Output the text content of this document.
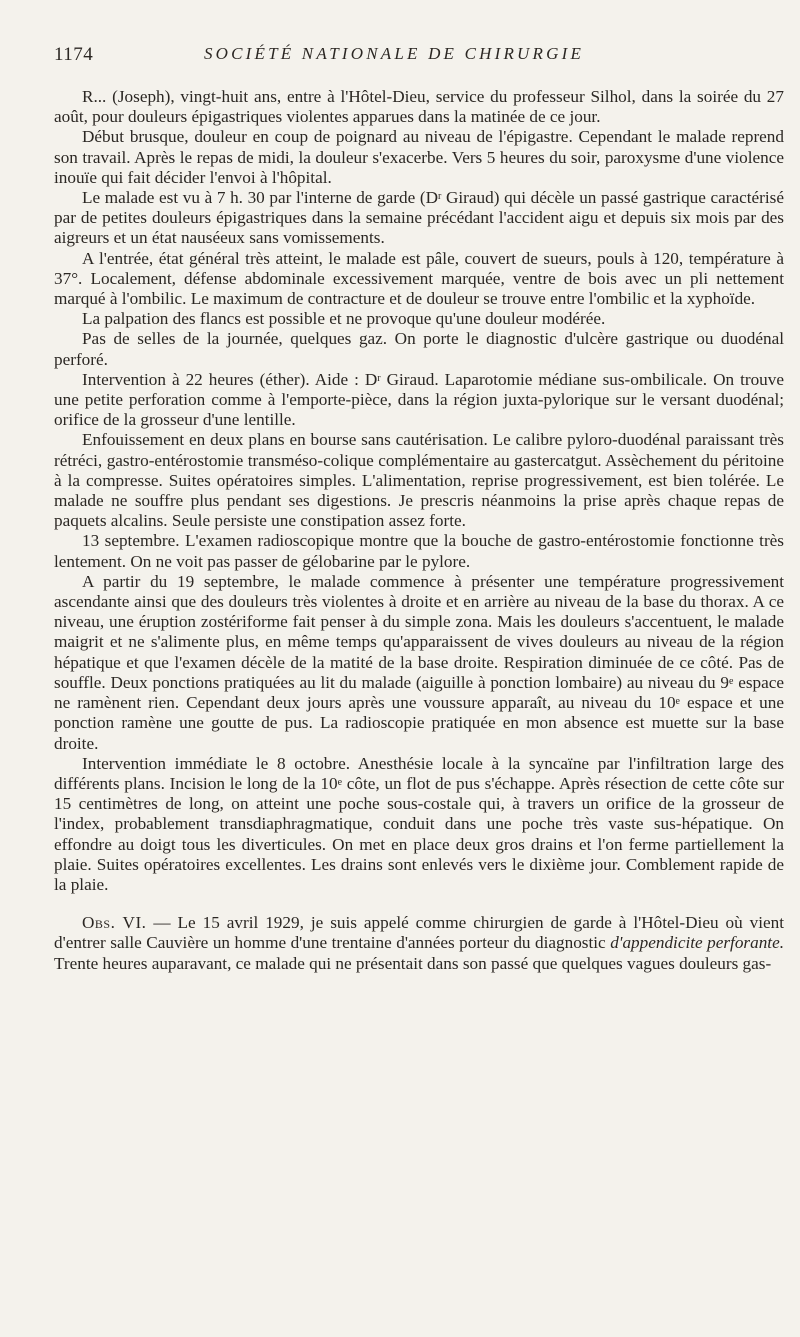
1174	SOCIÉTÉ NATIONALE DE CHIRURGIE

R... (Joseph), vingt-huit ans, entre à l'Hôtel-Dieu, service du professeur Silhol, dans la soirée du 27 août, pour douleurs épigastriques violentes apparues dans la matinée de ce jour.

Début brusque, douleur en coup de poignard au niveau de l'épigastre. Cependant le malade reprend son travail. Après le repas de midi, la douleur s'exacerbe. Vers 5 heures du soir, paroxysme d'une violence inouïe qui fait décider l'envoi à l'hôpital.

Le malade est vu à 7 h. 30 par l'interne de garde ($D^r$ Giraud) qui décèle un passé gastrique caractérisé par de petites douleurs épigastriques dans la semaine précédant l'accident aigu et depuis six mois par des aigreurs et un état nauséeux sans vomissements.

A l'entrée, état général très atteint, le malade est pâle, couvert de sueurs, pouls à 120, température à 37°. Localement, défense abdominale excessivement marquée, ventre de bois avec un pli nettement marqué à l'ombilic. Le maximum de contracture et de douleur se trouve entre l'ombilic et la xyphoïde.

La palpation des flancs est possible et ne provoque qu'une douleur modérée.

Pas de selles de la journée, quelques gaz. On porte le diagnostic d'ulcère gastrique ou duodénal perforé.

Intervention à 22 heures (éther). Aide : $D^r$ Giraud. Laparotomie médiane sus-ombilicale. On trouve une petite perforation comme à l'emporte-pièce, dans la région juxta-pylorique sur le versant duodénal; orifice de la grosseur d'une lentille.

Enfouissement en deux plans en bourse sans cautérisation. Le calibre pyloro-duodénal paraissant très rétréci, gastro-entérostomie transméso-colique complémentaire au gastercatgut. Assèchement du péritoine à la compresse. Suites opératoires simples. L'alimentation, reprise progressivement, est bien tolérée. Le malade ne souffre plus pendant ses digestions. Je prescris néanmoins la prise après chaque repas de paquets alcalins. Seule persiste une constipation assez forte.

13 septembre. L'examen radioscopique montre que la bouche de gastro-entérostomie fonctionne très lentement. On ne voit pas passer de gélobarine par le pylore.

A partir du 19 septembre, le malade commence à présenter une température progressivement ascendante ainsi que des douleurs très violentes à droite et en arrière au niveau de la base du thorax. A ce niveau, une éruption zostériforme fait penser à du simple zona. Mais les douleurs s'accentuent, le malade maigrit et ne s'alimente plus, en même temps qu'apparaissent de vives douleurs au niveau de la région hépatique et que l'examen décèle de la matité de la base droite. Respiration diminuée de ce côté. Pas de souffle. Deux ponctions pratiquées au lit du malade (aiguille à ponction lombaire) au niveau du 9e espace ne ramènent rien. Cependant deux jours après une voussure apparaît, au niveau du 10e espace et une ponction ramène une goutte de pus. La radioscopie pratiquée en mon absence est muette sur la base droite.

Intervention immédiate le 8 octobre. Anesthésie locale à la syncaïne par l'infiltration large des différents plans. Incision le long de la 10e côte, un flot de pus s'échappe. Après résection de cette côte sur 15 centimètres de long, on atteint une poche sous-costale qui, à travers un orifice de la grosseur de l'index, probablement transdiaphragmatique, conduit dans une poche très vaste sus-hépatique. On effondre au doigt tous les diverticules. On met en place deux gros drains et l'on ferme partiellement la plaie. Suites opératoires excellentes. Les drains sont enlevés vers le dixième jour. Comblement rapide de la plaie.

Obs. VI. — Le 15 avril 1929, je suis appelé comme chirurgien de garde à l'Hôtel-Dieu où vient d'entrer salle Cauvière un homme d'une trentaine d'années porteur du diagnostic d'appendicite perforante. Trente heures auparavant, ce malade qui ne présentait dans son passé que quelques vagues douleurs gas-
